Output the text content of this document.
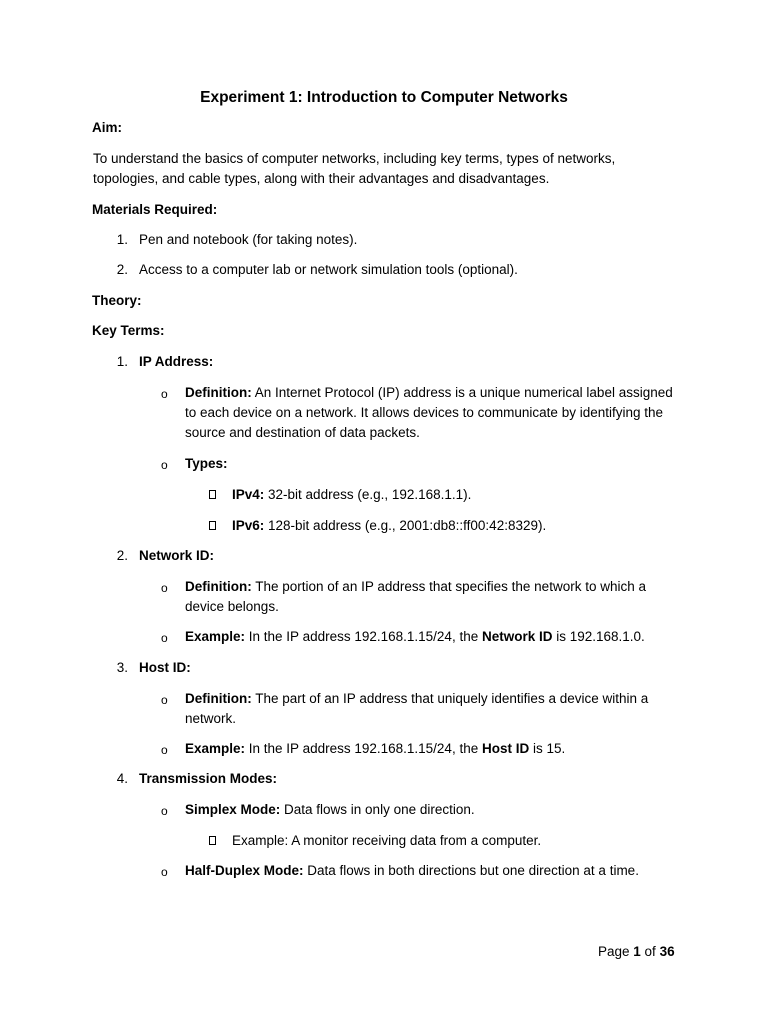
Experiment 1: Introduction to Computer Networks
Aim:
To understand the basics of computer networks, including key terms, types of networks, topologies, and cable types, along with their advantages and disadvantages.
Materials Required:
1. Pen and notebook (for taking notes).
2. Access to a computer lab or network simulation tools (optional).
Theory:
Key Terms:
1. IP Address:
o Definition: An Internet Protocol (IP) address is a unique numerical label assigned to each device on a network. It allows devices to communicate by identifying the source and destination of data packets.
o Types:
IPv4: 32-bit address (e.g., 192.168.1.1).
IPv6: 128-bit address (e.g., 2001:db8::ff00:42:8329).
2. Network ID:
o Definition: The portion of an IP address that specifies the network to which a device belongs.
o Example: In the IP address 192.168.1.15/24, the Network ID is 192.168.1.0.
3. Host ID:
o Definition: The part of an IP address that uniquely identifies a device within a network.
o Example: In the IP address 192.168.1.15/24, the Host ID is 15.
4. Transmission Modes:
o Simplex Mode: Data flows in only one direction.
Example: A monitor receiving data from a computer.
o Half-Duplex Mode: Data flows in both directions but one direction at a time.
Page 1 of 36
